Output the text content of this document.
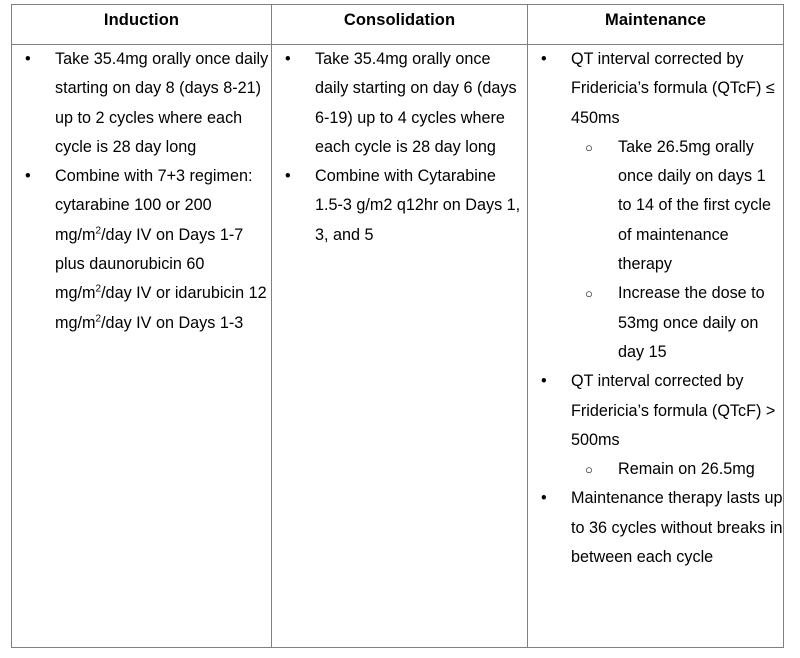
Induction	Consolidation	Maintenance

• Take 35.4mg orally once daily starting on day 8 (days 8-21) up to 2 cycles where each cycle is 28 day long
• Combine with 7+3 regimen: cytarabine 100 or 200 $mg/m^2$/day IV on Days 1-7 plus daunorubicin 60 $mg/m^2$/day IV or idarubicin 12 $mg/m^2$/day IV on Days 1-3

• Take 35.4mg orally once daily starting on day 6 (days 6-19) up to 4 cycles where each cycle is 28 day long
• Combine with Cytarabine 1.5-3 g/m2 q12hr on Days 1, 3, and 5

• QT interval corrected by Fridericia’s formula (QTcF) ≤ 450ms
○ Take 26.5mg orally once daily on days 1 to 14 of the first cycle of maintenance therapy
○ Increase the dose to 53mg once daily on day 15
• QT interval corrected by Fridericia’s formula (QTcF) > 500ms
○ Remain on 26.5mg
• Maintenance therapy lasts up to 36 cycles without breaks in between each cycle
